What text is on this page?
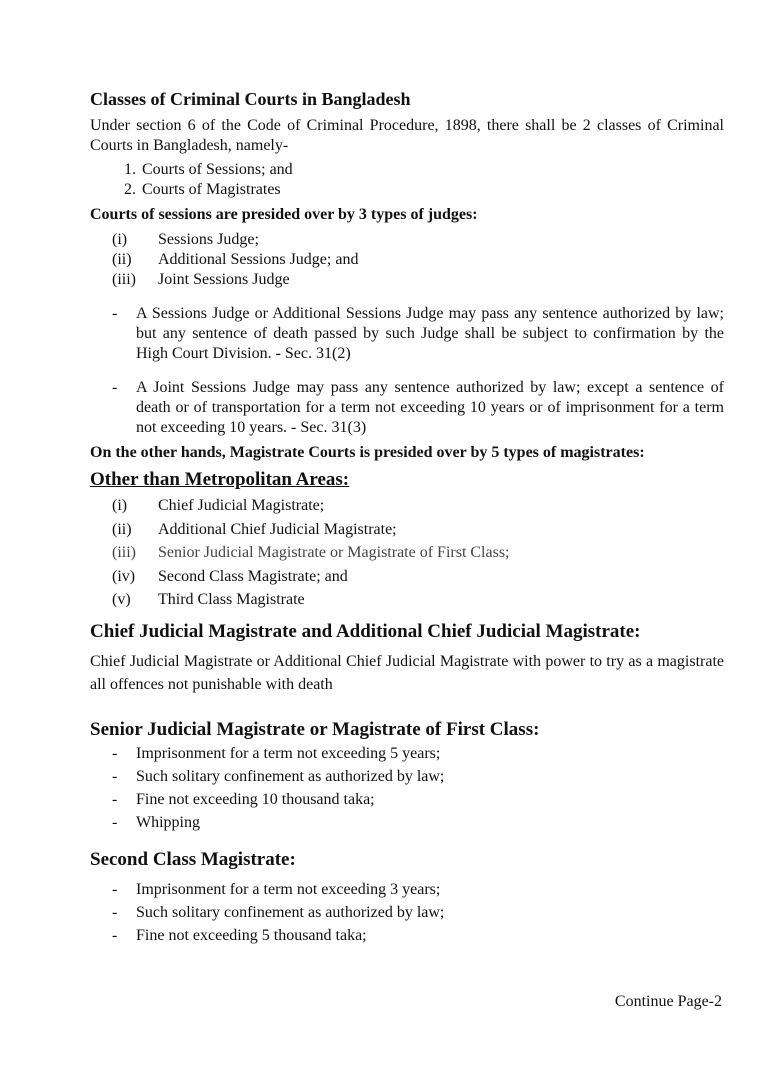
Classes of Criminal Courts in Bangladesh

Under section 6 of the Code of Criminal Procedure, 1898, there shall be 2 classes of Criminal Courts in Bangladesh, namely-

1. Courts of Sessions; and
2. Courts of Magistrates
Courts of sessions are presided over by 3 types of judges:
(i)	Sessions Judge;
(ii)	Additional Sessions Judge; and
(iii)	Joint Sessions Judge
-	A Sessions Judge or Additional Sessions Judge may pass any sentence authorized by law; but any sentence of death passed by such Judge shall be subject to confirmation by the High Court Division. - Sec. 31(2)
-	A Joint Sessions Judge may pass any sentence authorized by law; except a sentence of death or of transportation for a term not exceeding 10 years or of imprisonment for a term not exceeding 10 years. - Sec. 31(3)
On the other hands, Magistrate Courts is presided over by 5 types of magistrates:
Other than Metropolitan Areas:
(i)	Chief Judicial Magistrate;
(ii)	Additional Chief Judicial Magistrate;
(iii)	Senior Judicial Magistrate or Magistrate of First Class;
(iv)	Second Class Magistrate; and
(v)	Third Class Magistrate
Chief Judicial Magistrate and Additional Chief Judicial Magistrate:

Chief Judicial Magistrate or Additional Chief Judicial Magistrate with power to try as a magistrate all offences not punishable with death

Senior Judicial Magistrate or Magistrate of First Class:
-	Imprisonment for a term not exceeding 5 years;
-	Such solitary confinement as authorized by law;
-	Fine not exceeding 10 thousand taka;
-	Whipping
Second Class Magistrate:
-	Imprisonment for a term not exceeding 3 years;
-	Such solitary confinement as authorized by law;
-	Fine not exceeding 5 thousand taka;
Continue Page-2
